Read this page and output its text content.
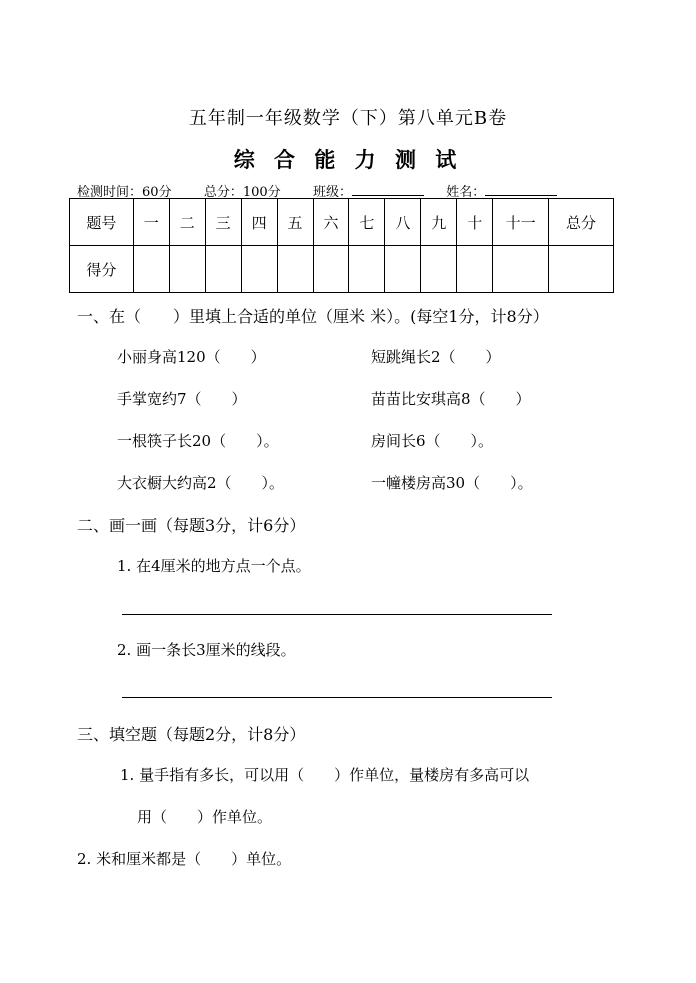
五年制一年级数学（下）第八单元B卷
综 合 能 力 测 试
检测时间：60分 总分：100分 班级：	姓名：
题号	一	二	三	四	五	六	七	八	九	十	十一	总分
得分												
一、在（　　）里填上合适的单位（厘米 米）。(每空1分，计8分）
小丽身高120（　　）	短跳绳长2（　　）
手掌宽约7（　　）	苗苗比安琪高8（　　）
一根筷子长20（　　）。	房间长6（　　）。
大衣橱大约高2（　　）。	一幢楼房高30（　　）。
二、画一画（每题3分，计6分）
1. 在4厘米的地方点一个点。
2. 画一条长3厘米的线段。
三、填空题（每题2分，计8分）
1. 量手指有多长，可以用（　　）作单位，量楼房有多高可以
用（　　）作单位。
2. 米和厘米都是（　　）单位。
